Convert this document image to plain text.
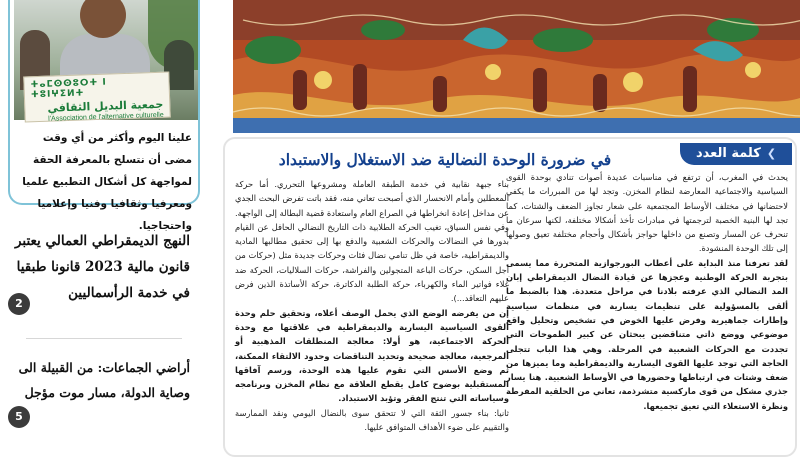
ⵜⴰⵎⵙⵙⵓⵔⵜ ⵏ ⵜⵓⵏⵖⵉⵍⵜ
جمعية البديل الثقافي
l'Association de l'alternative culturelle
علينا اليوم وأكثر من أي وقت مضى أن نتسلح بالمعرفة الحقة لمواجهة كل أشكال التطبيع علميا ومعرفيا وثقافيا وفنيا وإعلاميا واحتجاجيا.
النهج الديمقراطي العمالي يعتبر قانون مالية 2023 قانونا طبقيا في خدمة الرأسماليين
2
أراضي الجماعات: من القبيلة الى وصاية الدولة، مسار موت مؤجل
5
❯كلمة العدد
في ضرورة الوحدة النضالية ضد الاستغلال والاستبداد

يحدث في المغرب، أن ترتفع في مناسبات عديدة أصوات تنادي بوحدة القوى السياسية والاجتماعية المعارضة لنظام المخزن. وتجد لها من المبررات ما يكفي لاحتضانها في مختلف الأوساط المجتمعية على شعار تجاوز الضعف والشتات، كما تجد لها البنية الخصبة لترجمتها في مبادرات تأخذ أشكالا مختلفة، لكنها سرعان ما تنحرف عن المسار وتصنع من داخلها حواجز بأشكال وأحجام مختلفة تعيق وصولها إلى تلك الوحدة المنشودة.

لقد تعرفنا منذ البداية على أعطاب البورجوازية المتحررة مما يسمى بتجربة الحركة الوطنية وعجزها عن قيادة النضال الديمقراطي إبان المد النضالي الذي عرفته بلادنا في مراحل متعددة. هذا بالضبط ما ألقى بالمسؤولية على تنظيمات يسارية في منظمات سياسية وإطارات جماهيرية وفرض عليها الخوض في تشخيص وتحليل واقع موضوعي ووضع ذاتي متناقضين يبحثان عن كبير الطموحات التي تجددت مع الحركات الشعبية في المرحلة. وهي هذا الباب تتجلى الحاجة التي توجد عليها القوى اليسارية والديمقراطية وما يميزها من ضعف وشتات في ارتباطها وحضورها في الأوساط الشعبية. هنا يسار جذري مشكل من قوى ماركسية متشرذمة، تعاني من الحلقية المفرطة ونظرة الاستعلاء التي تعيق تجميعها.

بناء جبهة نقابية في خدمة الطبقة العاملة ومشروعها التحرري. أما حركة المعطلين وأمام الانحسار الذي أصبحت تعاني منه، فقد باتت تفرض البحث الجدي عن مداخل إعادة انخراطها في الصراع العام واستعادة قضية البطالة إلى الواجهة. وفي نفس السياق، تغيب الحركة الطلابية ذات التاريخ النضالي الحافل عن القيام بدورها في النضالات والحركات الشعبية والدفع بها إلى تحقيق مطالبها المادية والديمقراطية، خاصة في ظل تنامي نضال فئات وحركات جديدة مثل (حركات من أجل السكن، حركات الباعة المتجولين والفراشة، حركات السلاليات، الحركة ضد غلاء فواتير الماء والكهرباء، حركة الطلبة الدكاترة، حركة الأساتذة الذين فرض عليهم التعاقد...).

إن من يفرضه الوضع الذي يحمل الوصف أعلاه، وتحقيق حلم وحدة القوى السياسية اليسارية والديمقراطية في علاقتها مع وحدة الحركة الاجتماعية، هو أولا: معالجة المنطلقات المذهبية أو المرجعية، معالجة صحيحة وتحديد التناقضات وحدود الالتقاء الممكنة، ثم وضع الأسس التي تقوم عليها هذه الوحدة، ورسم آفاقها المستقبلية بوضوح كامل يقطع العلاقة مع نظام المخزن وبرنامجه وسياساته التي تنتج الفقر وتؤبد الاستبداد.

ثانيا: بناء جسور الثقة التي لا تتحقق سوى بالنضال اليومي ونقد الممارسة والتقييم على ضوء الأهداف المتوافق عليها.
